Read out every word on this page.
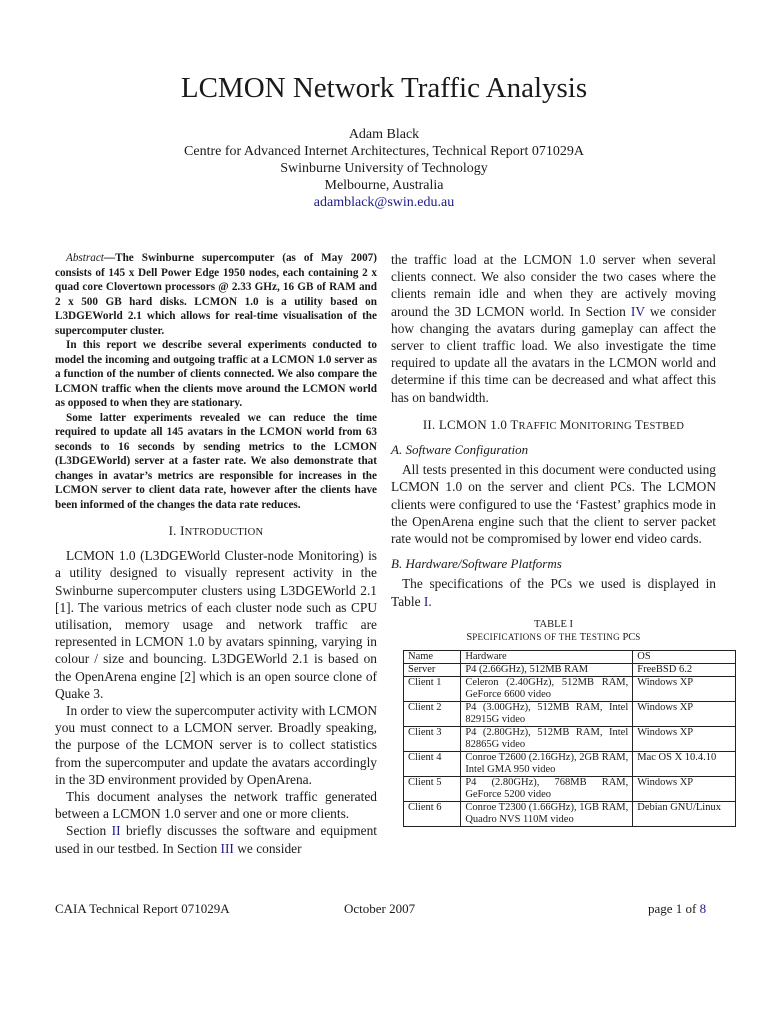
LCMON Network Traffic Analysis
Adam Black
Centre for Advanced Internet Architectures, Technical Report 071029A
Swinburne University of Technology
Melbourne, Australia
adamblack@swin.edu.au

Abstract—The Swinburne supercomputer (as of May 2007) consists of 145 x Dell Power Edge 1950 nodes, each containing 2 x quad core Clovertown processors @ 2.33 GHz, 16 GB of RAM and 2 x 500 GB hard disks. LCMON 1.0 is a utility based on L3DGEWorld 2.1 which allows for real-time visualisation of the supercomputer cluster.

In this report we describe several experiments conducted to model the incoming and outgoing traffic at a LCMON 1.0 server as a function of the number of clients connected. We also compare the LCMON traffic when the clients move around the LCMON world as opposed to when they are stationary.

Some latter experiments revealed we can reduce the time required to update all 145 avatars in the LCMON world from 63 seconds to 16 seconds by sending metrics to the LCMON (L3DGEWorld) server at a faster rate. We also demonstrate that changes in avatar’s metrics are responsible for increases in the LCMON server to client data rate, however after the clients have been informed of the changes the data rate reduces.

I. INTRODUCTION

LCMON 1.0 (L3DGEWorld Cluster-node Monitoring) is a utility designed to visually represent activity in the Swinburne supercomputer clusters using L3DGEWorld 2.1 [1]. The various metrics of each cluster node such as CPU utilisation, memory usage and network traffic are represented in LCMON 1.0 by avatars spinning, varying in colour / size and bouncing. L3DGEWorld 2.1 is based on the OpenArena engine [2] which is an open source clone of Quake 3.

In order to view the supercomputer activity with LCMON you must connect to a LCMON server. Broadly speaking, the purpose of the LCMON server is to collect statistics from the supercomputer and update the avatars accordingly in the 3D environment provided by OpenArena.

This document analyses the network traffic generated between a LCMON 1.0 server and one or more clients.

Section II briefly discusses the software and equipment used in our testbed. In Section III we consider

the traffic load at the LCMON 1.0 server when several clients connect. We also consider the two cases where the clients remain idle and when they are actively moving around the 3D LCMON world. In Section IV we consider how changing the avatars during gameplay can affect the server to client traffic load. We also investigate the time required to update all the avatars in the LCMON world and determine if this time can be decreased and what affect this has on bandwidth.

II. LCMON 1.0 TRAFFIC MONITORING TESTBED
A. Software Configuration

All tests presented in this document were conducted using LCMON 1.0 on the server and client PCs. The LCMON clients were configured to use the ‘Fastest’ graphics mode in the OpenArena engine such that the client to server packet rate would not be compromised by lower end video cards.

B. Hardware/Software Platforms

The specifications of the PCs we used is displayed in Table I.

TABLE I
SPECIFICATIONS OF THE TESTING PCS
Name	Hardware	OS
Server	P4 (2.66GHz), 512MB RAM	FreeBSD 6.2
Client 1	Celeron (2.40GHz), 512MB RAM, GeForce 6600 video	Windows XP
Client 2	P4 (3.00GHz), 512MB RAM, Intel 82915G video	Windows XP
Client 3	P4 (2.80GHz), 512MB RAM, Intel 82865G video	Windows XP
Client 4	Conroe T2600 (2.16GHz), 2GB RAM, Intel GMA 950 video	Mac OS X 10.4.10
Client 5	P4 (2.80GHz), 768MB RAM, GeForce 5200 video	Windows XP
Client 6	Conroe T2300 (1.66GHz), 1GB RAM, Quadro NVS 110M video	Debian GNU/Linux
CAIA Technical Report 071029A	October 2007	page 1 of 8
